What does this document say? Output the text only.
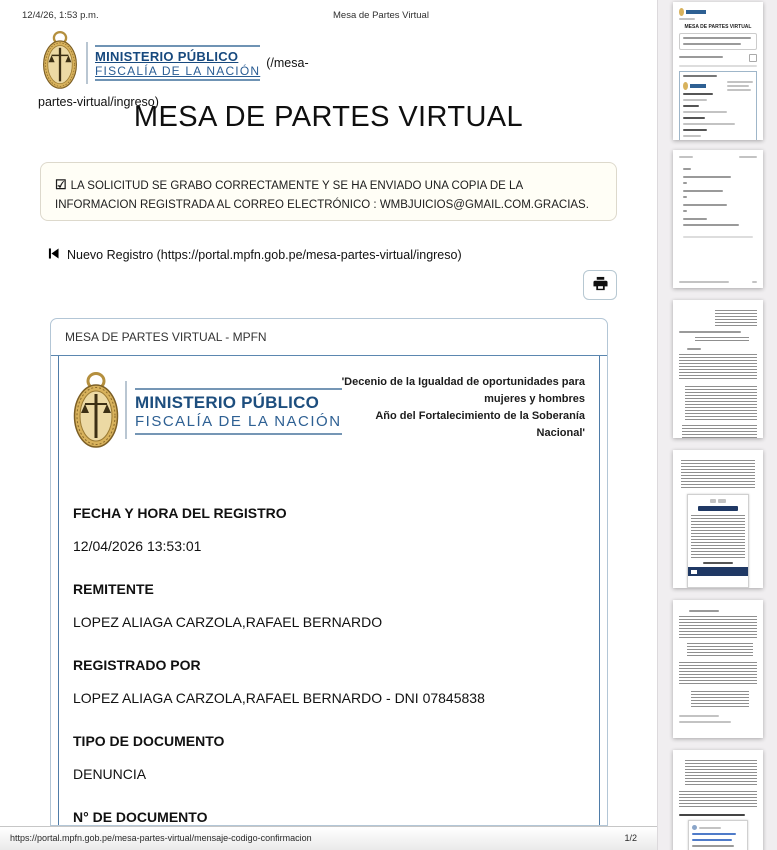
12/4/26, 1:53 p.m.	Mesa de Partes Virtual
MINISTERIO PÚBLICO
FISCALÍA DE LA NACIÓN
(/mesa-
partes-virtual/ingreso)
MESA DE PARTES VIRTUAL
☑ LA SOLICITUD SE GRABO CORRECTAMENTE Y SE HA ENVIADO UNA COPIA DE LA INFORMACION REGISTRADA AL CORREO ELECTRÓNICO : WMBJUICIOS@GMAIL.COM.GRACIAS.
Nuevo Registro (https://portal.mpfn.gob.pe/mesa-partes-virtual/ingreso)
MESA DE PARTES VIRTUAL - MPFN
MINISTERIO PÚBLICO
FISCALÍA DE LA NACIÓN
'Decenio de la Igualdad de oportunidades para
mujeres y hombres
Año del Fortalecimiento de la Soberanía
Nacional'
FECHA Y HORA DEL REGISTRO
12/04/2026 13:53:01
REMITENTE
LOPEZ ALIAGA CARZOLA,RAFAEL BERNARDO
REGISTRADO POR
LOPEZ ALIAGA CARZOLA,RAFAEL BERNARDO - DNI 07845838
TIPO DE DOCUMENTO
DENUNCIA
N° DE DOCUMENTO
https://portal.mpfn.gob.pe/mesa-partes-virtual/mensaje-codigo-confirmacion	1/2
MESA DE PARTES VIRTUAL
